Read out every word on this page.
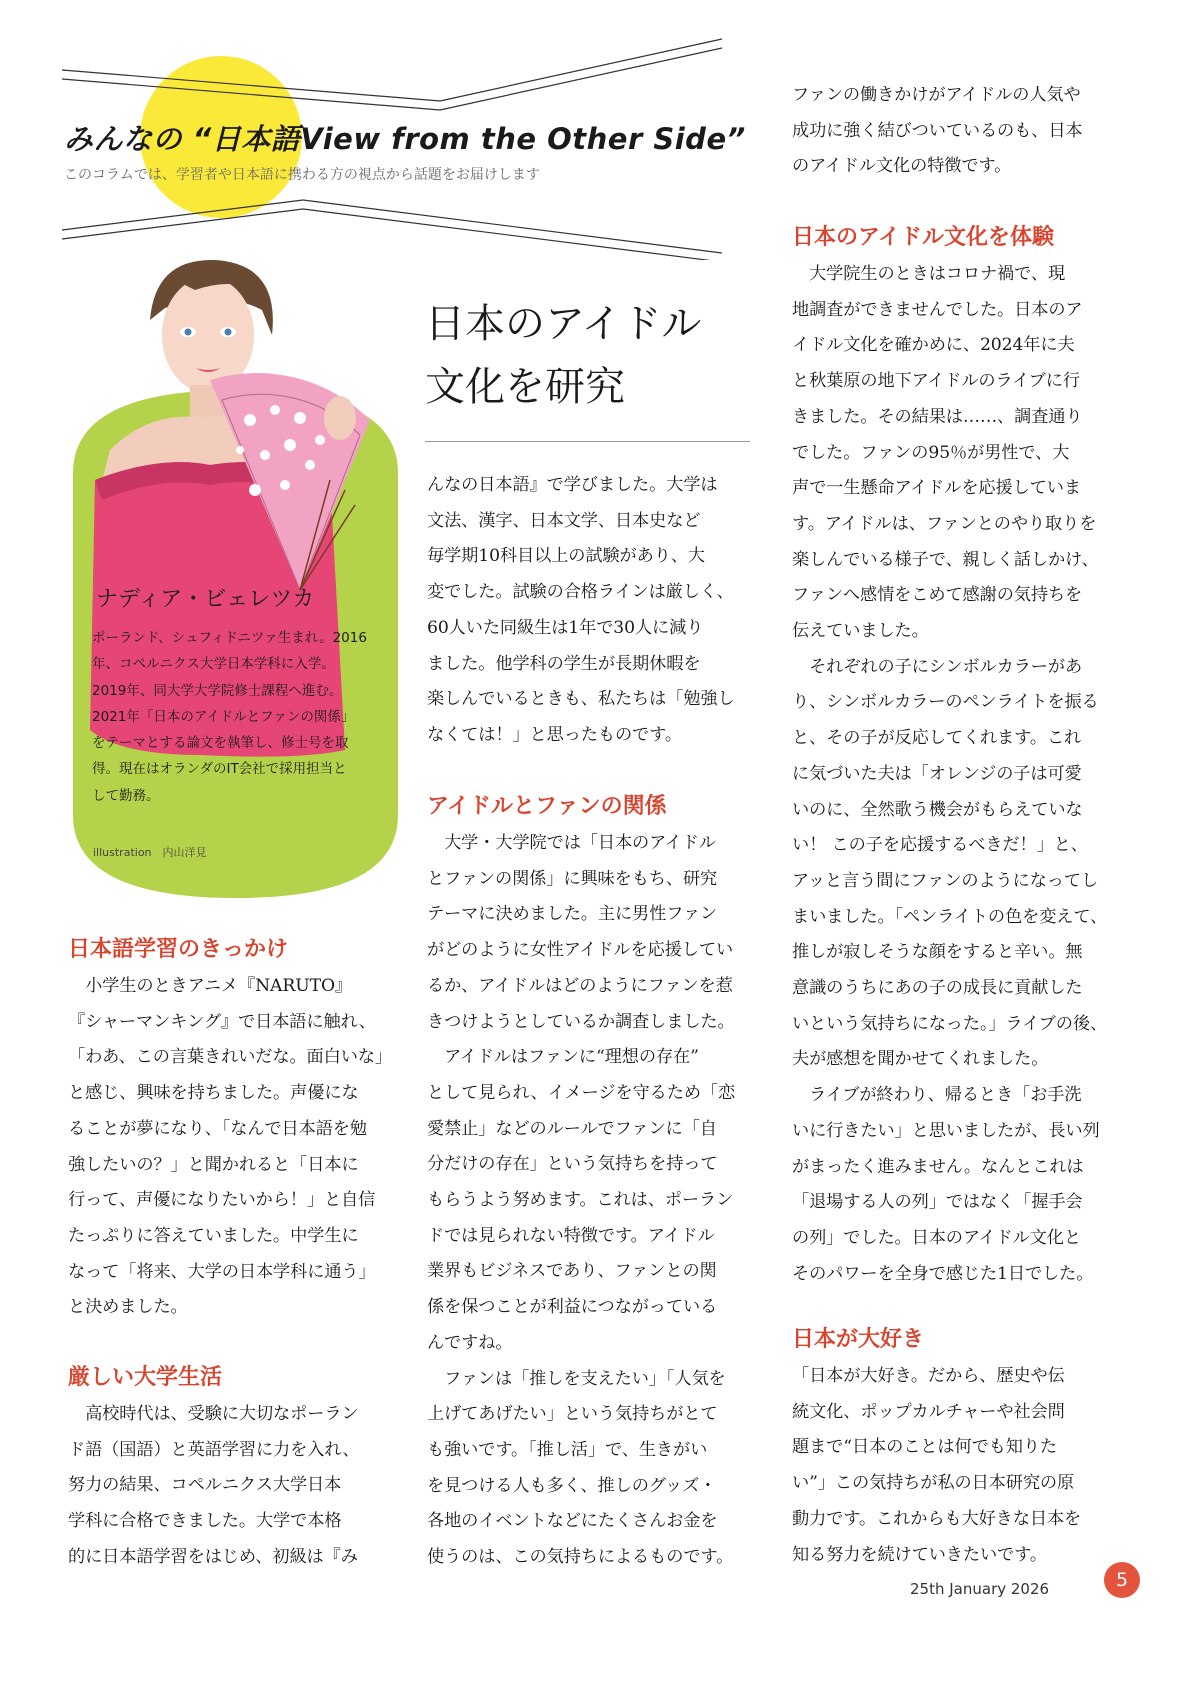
みんなの “日本語View from the Other Side”
このコラムでは、学習者や日本語に携わる方の視点から話題をお届けします
ナディア・ビェレツカ
ポーランド、シュフィドニツァ生まれ。2016
年、コペルニクス大学日本学科に入学。
2019年、同大学大学院修士課程へ進む。
2021年「日本のアイドルとファンの関係」
をテーマとする論文を執筆し、修士号を取
得。現在はオランダのIT会社で採用担当と
して勤務。
illustration　内山洋見
日本のアイドル
文化を研究
日本語学習のきっかけ
　小学生のときアニメ『NARUTO』
『シャーマンキング』で日本語に触れ、
「わあ、この言葉きれいだな。面白いな」
と感じ、興味を持ちました。声優にな
ることが夢になり、「なんで日本語を勉
強したいの？」と聞かれると「日本に
行って、声優になりたいから！」と自信
たっぷりに答えていました。中学生に
なって「将来、大学の日本学科に通う」
と決めました。
厳しい大学生活
　高校時代は、受験に大切なポーラン
ド語（国語）と英語学習に力を入れ、
努力の結果、コペルニクス大学日本
学科に合格できました。大学で本格
的に日本語学習をはじめ、初級は『み
んなの日本語』で学びました。大学は
文法、漢字、日本文学、日本史など
毎学期10科目以上の試験があり、大
変でした。試験の合格ラインは厳しく、
60人いた同級生は1年で30人に減り
ました。他学科の学生が長期休暇を
楽しんでいるときも、私たちは「勉強し
なくては！」と思ったものです。
アイドルとファンの関係
　大学・大学院では「日本のアイドル
とファンの関係」に興味をもち、研究
テーマに決めました。主に男性ファン
がどのように女性アイドルを応援してい
るか、アイドルはどのようにファンを惹
きつけようとしているか調査しました。
　アイドルはファンに“理想の存在”
として見られ、イメージを守るため「恋
愛禁止」などのルールでファンに「自
分だけの存在」という気持ちを持って
もらうよう努めます。これは、ポーラン
ドでは見られない特徴です。アイドル
業界もビジネスであり、ファンとの関
係を保つことが利益につながっている
んですね。
　ファンは「推しを支えたい」「人気を
上げてあげたい」という気持ちがとて
も強いです。「推し活」で、生きがい
を見つける人も多く、推しのグッズ・
各地のイベントなどにたくさんお金を
使うのは、この気持ちによるものです。
ファンの働きかけがアイドルの人気や
成功に強く結びついているのも、日本
のアイドル文化の特徴です。
日本のアイドル文化を体験
　大学院生のときはコロナ禍で、現
地調査ができませんでした。日本のア
イドル文化を確かめに、2024年に夫
と秋葉原の地下アイドルのライブに行
きました。その結果は……、調査通り
でした。ファンの95％が男性で、大
声で一生懸命アイドルを応援していま
す。アイドルは、ファンとのやり取りを
楽しんでいる様子で、親しく話しかけ、
ファンへ感情をこめて感謝の気持ちを
伝えていました。
　それぞれの子にシンボルカラーがあ
り、シンボルカラーのペンライトを振る
と、その子が反応してくれます。これ
に気づいた夫は「オレンジの子は可愛
いのに、全然歌う機会がもらえていな
い！ この子を応援するべきだ！」と、
アッと言う間にファンのようになってし
まいました。「ペンライトの色を変えて、
推しが寂しそうな顔をすると辛い。無
意識のうちにあの子の成長に貢献した
いという気持ちになった。」ライブの後、
夫が感想を聞かせてくれました。
　ライブが終わり、帰るとき「お手洗
いに行きたい」と思いましたが、長い列
がまったく進みません。なんとこれは
「退場する人の列」ではなく「握手会
の列」でした。日本のアイドル文化と
そのパワーを全身で感じた1日でした。
日本が大好き
「日本が大好き。だから、歴史や伝
統文化、ポップカルチャーや社会問
題まで“日本のことは何でも知りた
い”」この気持ちが私の日本研究の原
動力です。これからも大好きな日本を
知る努力を続けていきたいです。
25th January 2026	5
